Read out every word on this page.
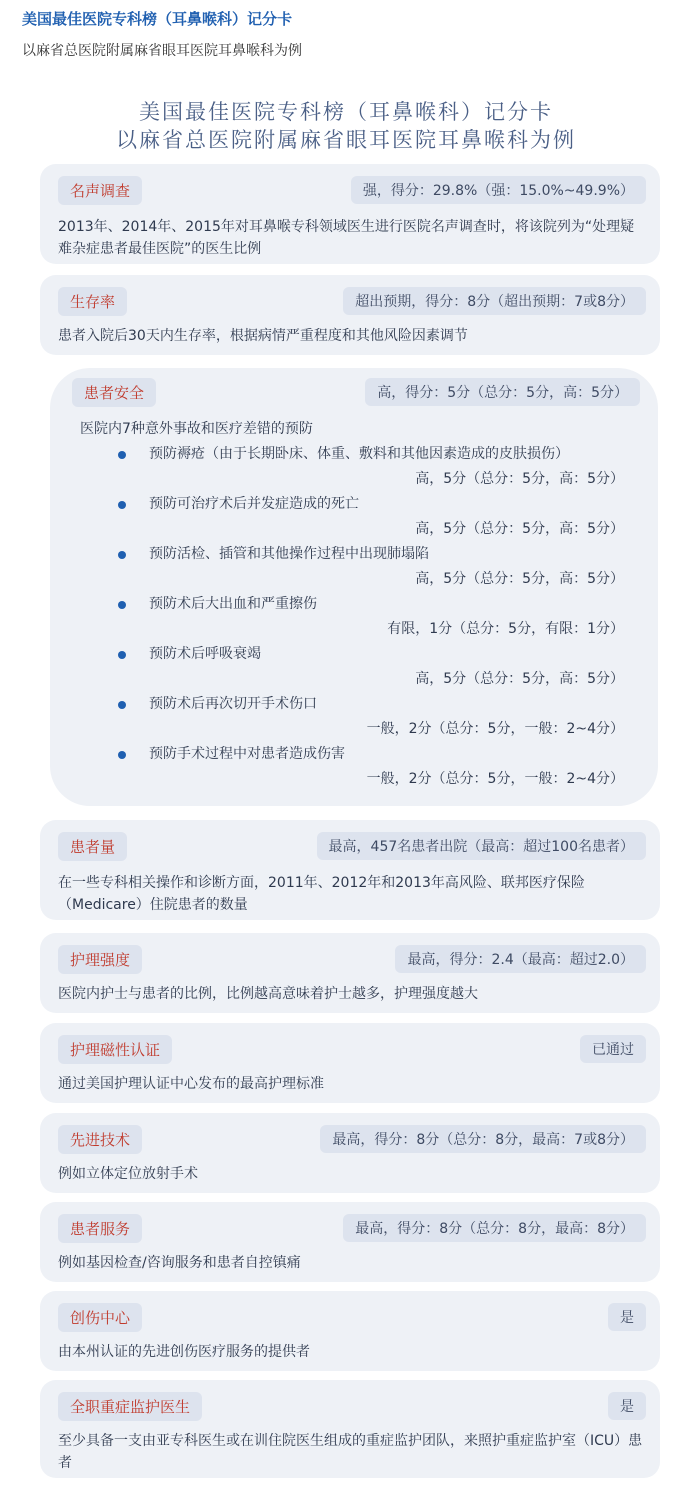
美国最佳医院专科榜（耳鼻喉科）记分卡
以麻省总医院附属麻省眼耳医院耳鼻喉科为例
美国最佳医院专科榜（耳鼻喉科）记分卡
以麻省总医院附属麻省眼耳医院耳鼻喉科为例
名声调查	强，得分：29.8%（强：15.0%~49.9%）
2013年、2014年、2015年对耳鼻喉专科领域医生进行医院名声调查时，将该院列为“处理疑难杂症患者最佳医院”的医生比例
生存率	超出预期，得分：8分（超出预期：7或8分）
患者入院后30天内生存率，根据病情严重程度和其他风险因素调节
患者安全	高，得分：5分（总分：5分，高：5分）
医院内7种意外事故和医疗差错的预防
预防褥疮（由于长期卧床、体重、敷料和其他因素造成的皮肤损伤）
高，5分（总分：5分，高：5分）
预防可治疗术后并发症造成的死亡
高，5分（总分：5分，高：5分）
预防活检、插管和其他操作过程中出现肺塌陷
高，5分（总分：5分，高：5分）
预防术后大出血和严重擦伤
有限，1分（总分：5分，有限：1分）
预防术后呼吸衰竭
高，5分（总分：5分，高：5分）
预防术后再次切开手术伤口
一般，2分（总分：5分，一般：2~4分）
预防手术过程中对患者造成伤害
一般，2分（总分：5分，一般：2~4分）
患者量	最高，457名患者出院（最高：超过100名患者）
在一些专科相关操作和诊断方面，2011年、2012年和2013年高风险、联邦医疗保险（Medicare）住院患者的数量
护理强度	最高，得分：2.4（最高：超过2.0）
医院内护士与患者的比例，比例越高意味着护士越多，护理强度越大
护理磁性认证	已通过
通过美国护理认证中心发布的最高护理标准
先进技术	最高，得分：8分（总分：8分，最高：7或8分）
例如立体定位放射手术
患者服务	最高，得分：8分（总分：8分，最高：8分）
例如基因检查/咨询服务和患者自控镇痛
创伤中心	是
由本州认证的先进创伤医疗服务的提供者
全职重症监护医生	是
至少具备一支由亚专科医生或在训住院医生组成的重症监护团队，来照护重症监护室（ICU）患者
